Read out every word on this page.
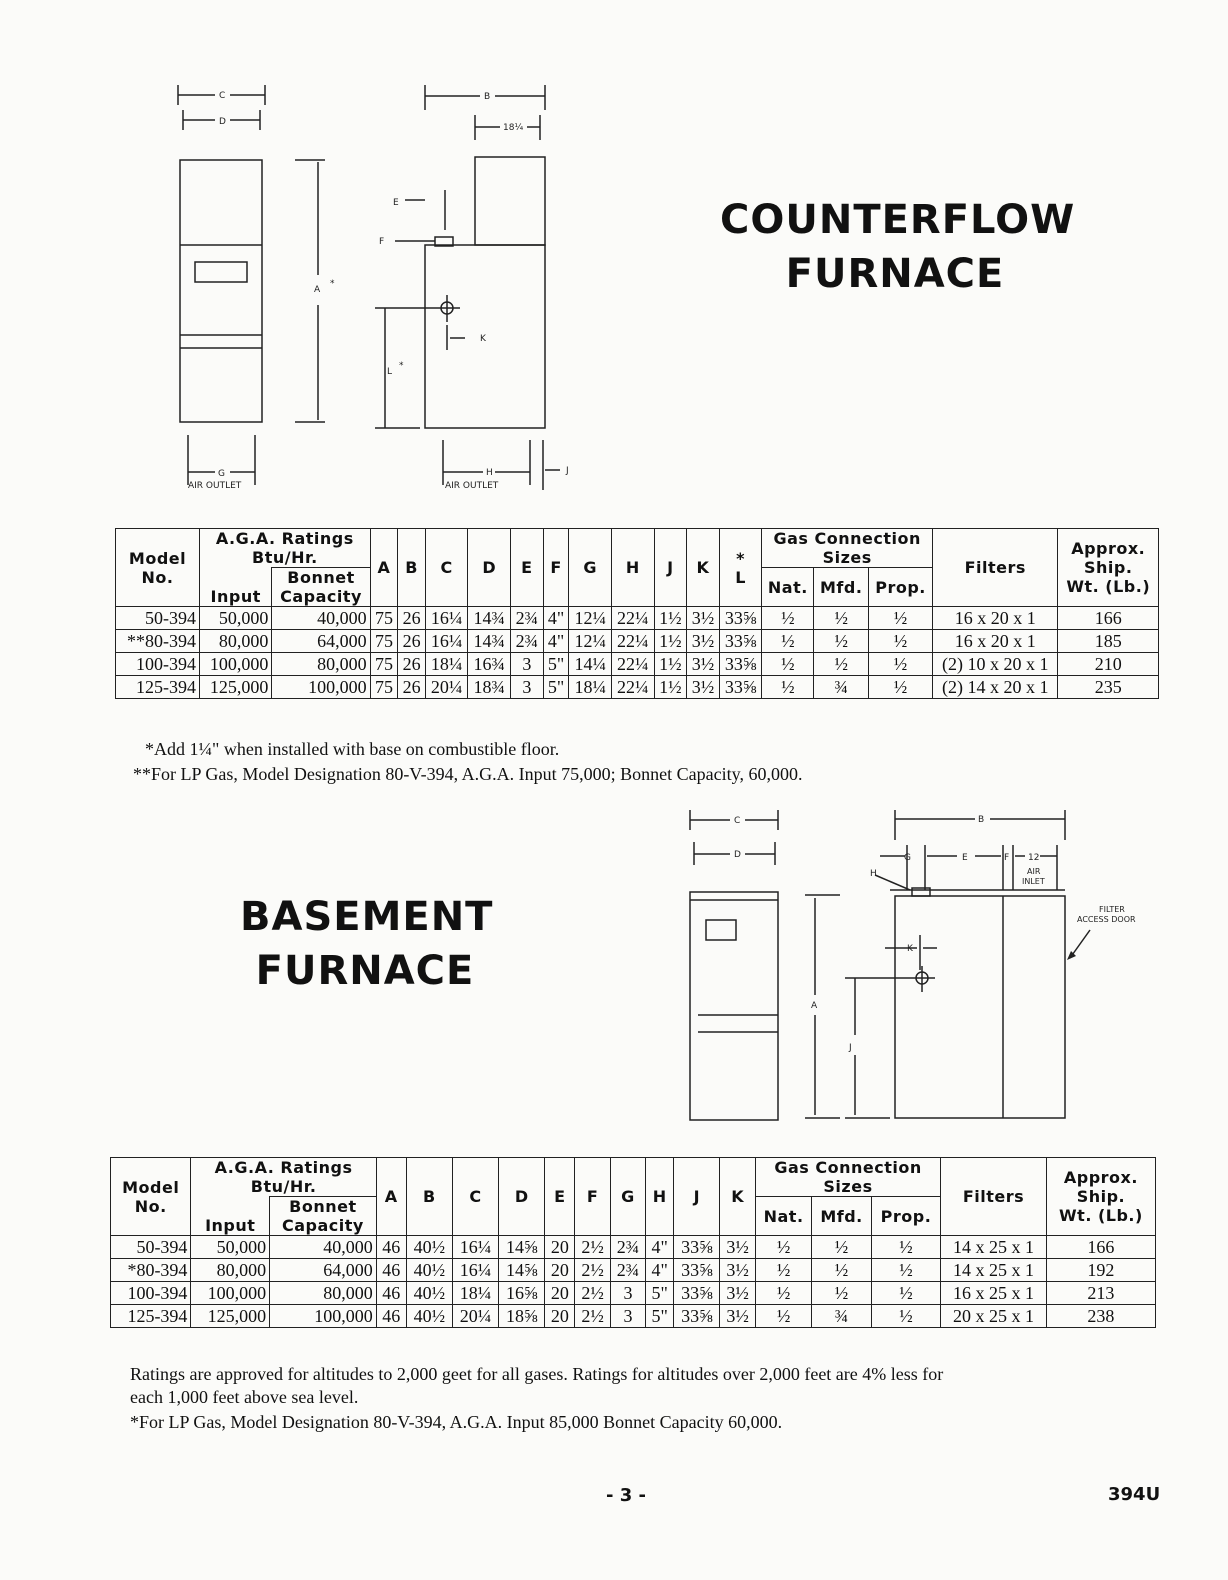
C
D
A
*
G
AIR OUTLET
B
18¼
E
F
K
L
*
H
AIR OUTLET
J
COUNTERFLOW
FURNACE
Model
No.	A.G.A. Ratings
Btu/Hr.		A	B	C	D	E	F	G	H	J	K	*
L	Gas Connection
Sizes			Filters	Approx.
Ship.
Wt. (Lb.)
	Input	Bonnet
Capacity																
														Nat.	Mfd.	Prop.		
50-394	50,000	40,000	75	26	16¼	14¾	2¾	4"	12¼	22¼	1½	3½	33⅝	½	½	½	16 x 20 x 1	166
**80-394	80,000	64,000	75	26	16¼	14¾	2¾	4"	12¼	22¼	1½	3½	33⅝	½	½	½	16 x 20 x 1	185
100-394	100,000	80,000	75	26	18¼	16¾	3	5"	14¼	22¼	1½	3½	33⅝	½	½	½	(2) 10 x 20 x 1	210
125-394	125,000	100,000	75	26	20¼	18¾	3	5"	18¼	22¼	1½	3½	33⅝	½	¾	½	(2) 14 x 20 x 1	235
*Add 1¼" when installed with base on combustible floor.
**For LP Gas, Model Designation 80-V-394, A.G.A. Input 75,000; Bonnet Capacity, 60,000.
BASEMENT
FURNACE
C
D
A
B
G	E	F 12
AIR
INLET
H
FILTER
ACCESS DOOR
K
J
Model
No.	A.G.A. Ratings
Btu/Hr.		A	B	C	D	E	F	G	H	J	K	Gas Connection
Sizes			Filters	Approx.
Ship.
Wt. (Lb.)
	Input	Bonnet
Capacity															
													Nat.	Mfd.	Prop.		
50-394	50,000	40,000	46	40½	16¼	14⅝	20	2½	2¾	4"	33⅝	3½	½	½	½	14 x 25 x 1	166
*80-394	80,000	64,000	46	40½	16¼	14⅝	20	2½	2¾	4"	33⅝	3½	½	½	½	14 x 25 x 1	192
100-394	100,000	80,000	46	40½	18¼	16⅝	20	2½	3	5"	33⅝	3½	½	½	½	16 x 25 x 1	213
125-394	125,000	100,000	46	40½	20¼	18⅝	20	2½	3	5"	33⅝	3½	½	¾	½	20 x 25 x 1	238
Ratings are approved for altitudes to 2,000 geet for all gases. Ratings for altitudes over 2,000 feet are 4% less for
each 1,000 feet above sea level.
*For LP Gas, Model Designation 80-V-394, A.G.A. Input 85,000 Bonnet Capacity 60,000.
- 3 -	394U
